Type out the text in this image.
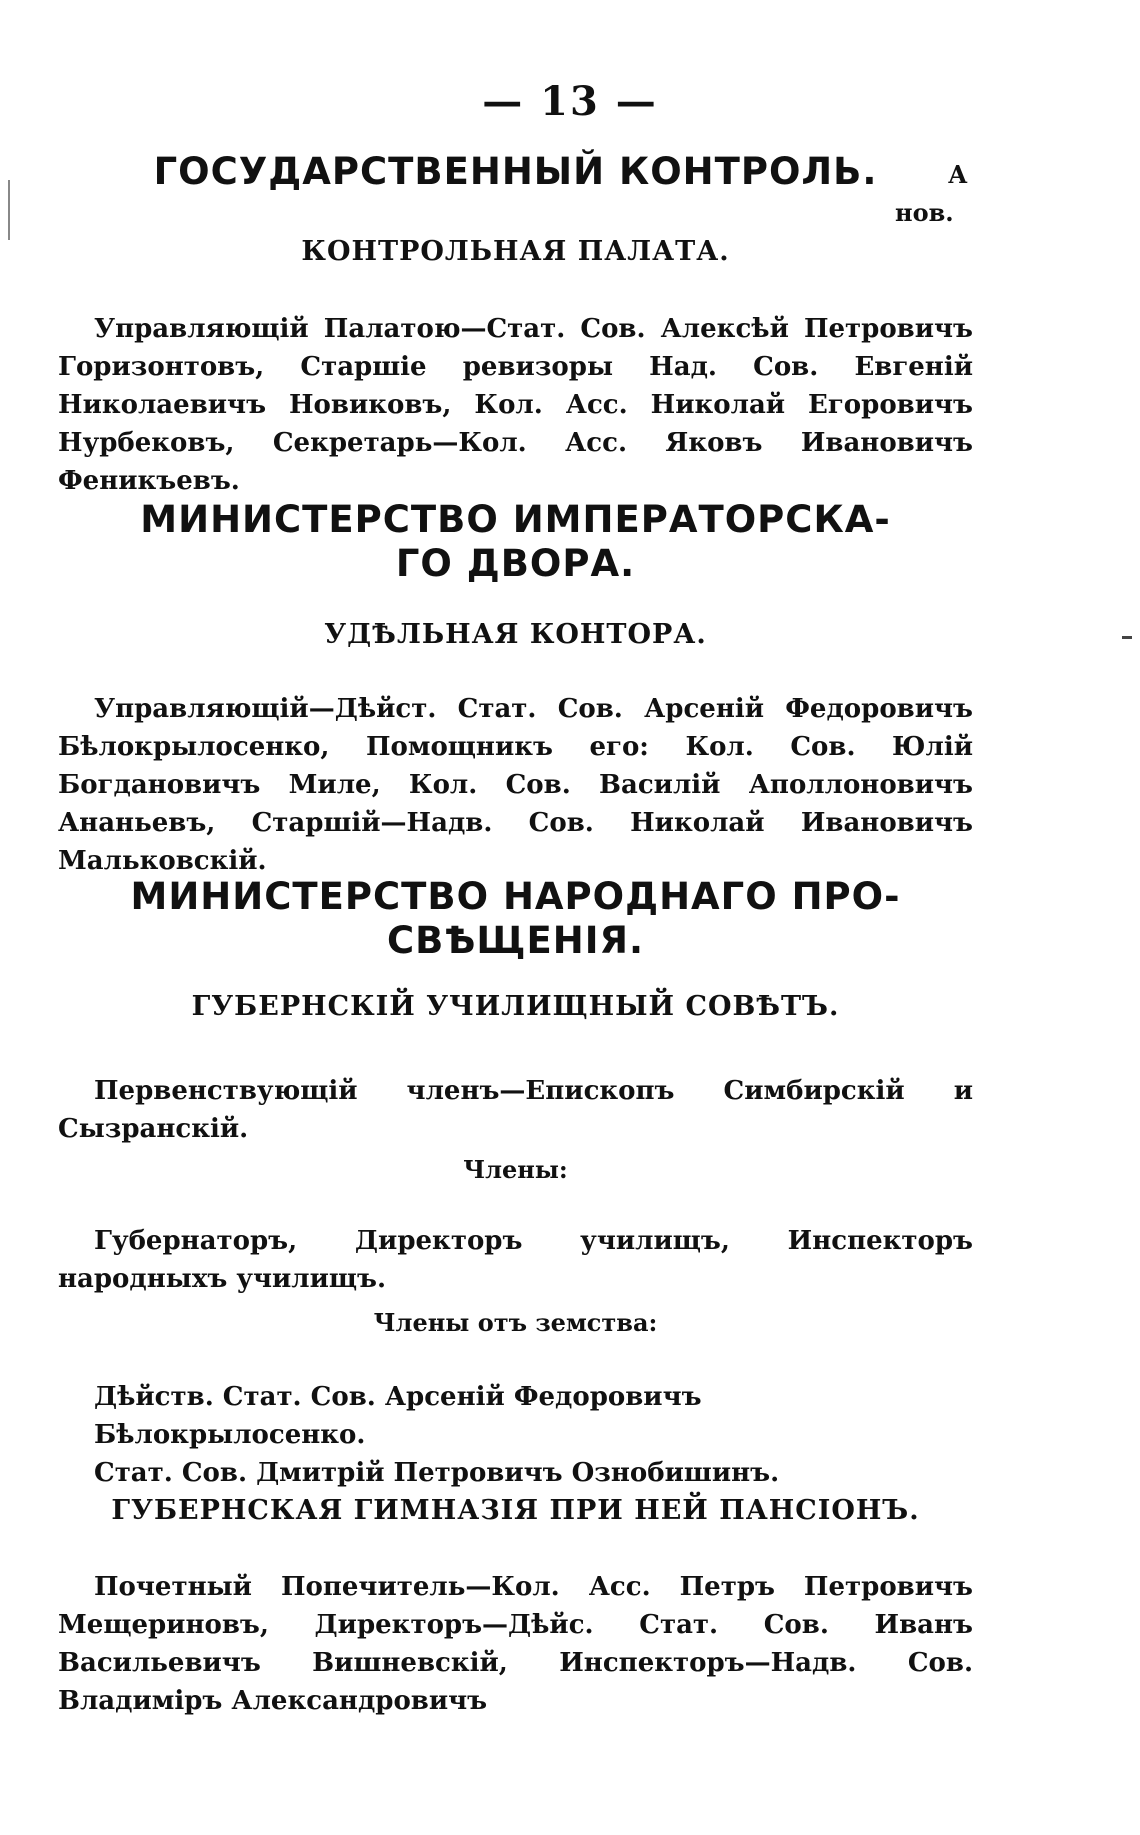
— 13 —
ГОСУДАРСТВЕННЫЙ КОНТРОЛЬ.	А
нов.
КОНТРОЛЬНАЯ ПАЛАТА.

Управляющій Палатою—Стат. Сов. Алексѣй Петровичъ Горизонтовъ, Старшіе ревизоры Над. Сов. Евгеній Николаевичъ Новиковъ, Кол. Асс. Николай Егоровичъ Нурбековъ, Секретарь—Кол. Асс. Яковъ Ивановичъ Феникъевъ.

МИНИСТЕРСТВО ИМПЕРАТОРСКА-
ГО ДВОРА.
УДѢЛЬНАЯ КОНТОРА.

Управляющій—Дѣйст. Стат. Сов. Арсеній Федоровичъ Бѣлокрылосенко, Помощникъ его: Кол. Сов. Юлій Богдановичъ Миле, Кол. Сов. Василій Аполлоновичъ Ананьевъ, Старшій—Надв. Сов. Николай Ивановичъ Мальковскій.

МИНИСТЕРСТВО НАРОДНАГО ПРО-
СВѢЩЕНІЯ.
ГУБЕРНСКІЙ УЧИЛИЩНЫЙ СОВѢТЪ.

Первенствующій членъ—Епископъ Симбирскій и Сызранскій.

Члены:

Губернаторъ, Директоръ училищъ, Инспекторъ народныхъ училищъ.

Члены отъ земства:

Дѣйств. Стат. Сов. Арсеній Федоровичъ Бѣлокрылосенко.

Стат. Сов. Дмитрій Петровичъ Ознобишинъ.

ГУБЕРНСКАЯ ГИМНАЗІЯ ПРИ НЕЙ ПАНСІОНЪ.

Почетный Попечитель—Кол. Асс. Петръ Петровичъ Мещериновъ, Директоръ—Дѣйс. Стат. Сов. Иванъ Васильевичъ Вишневскій, Инспекторъ—Надв. Сов. Владиміръ Александровичъ
